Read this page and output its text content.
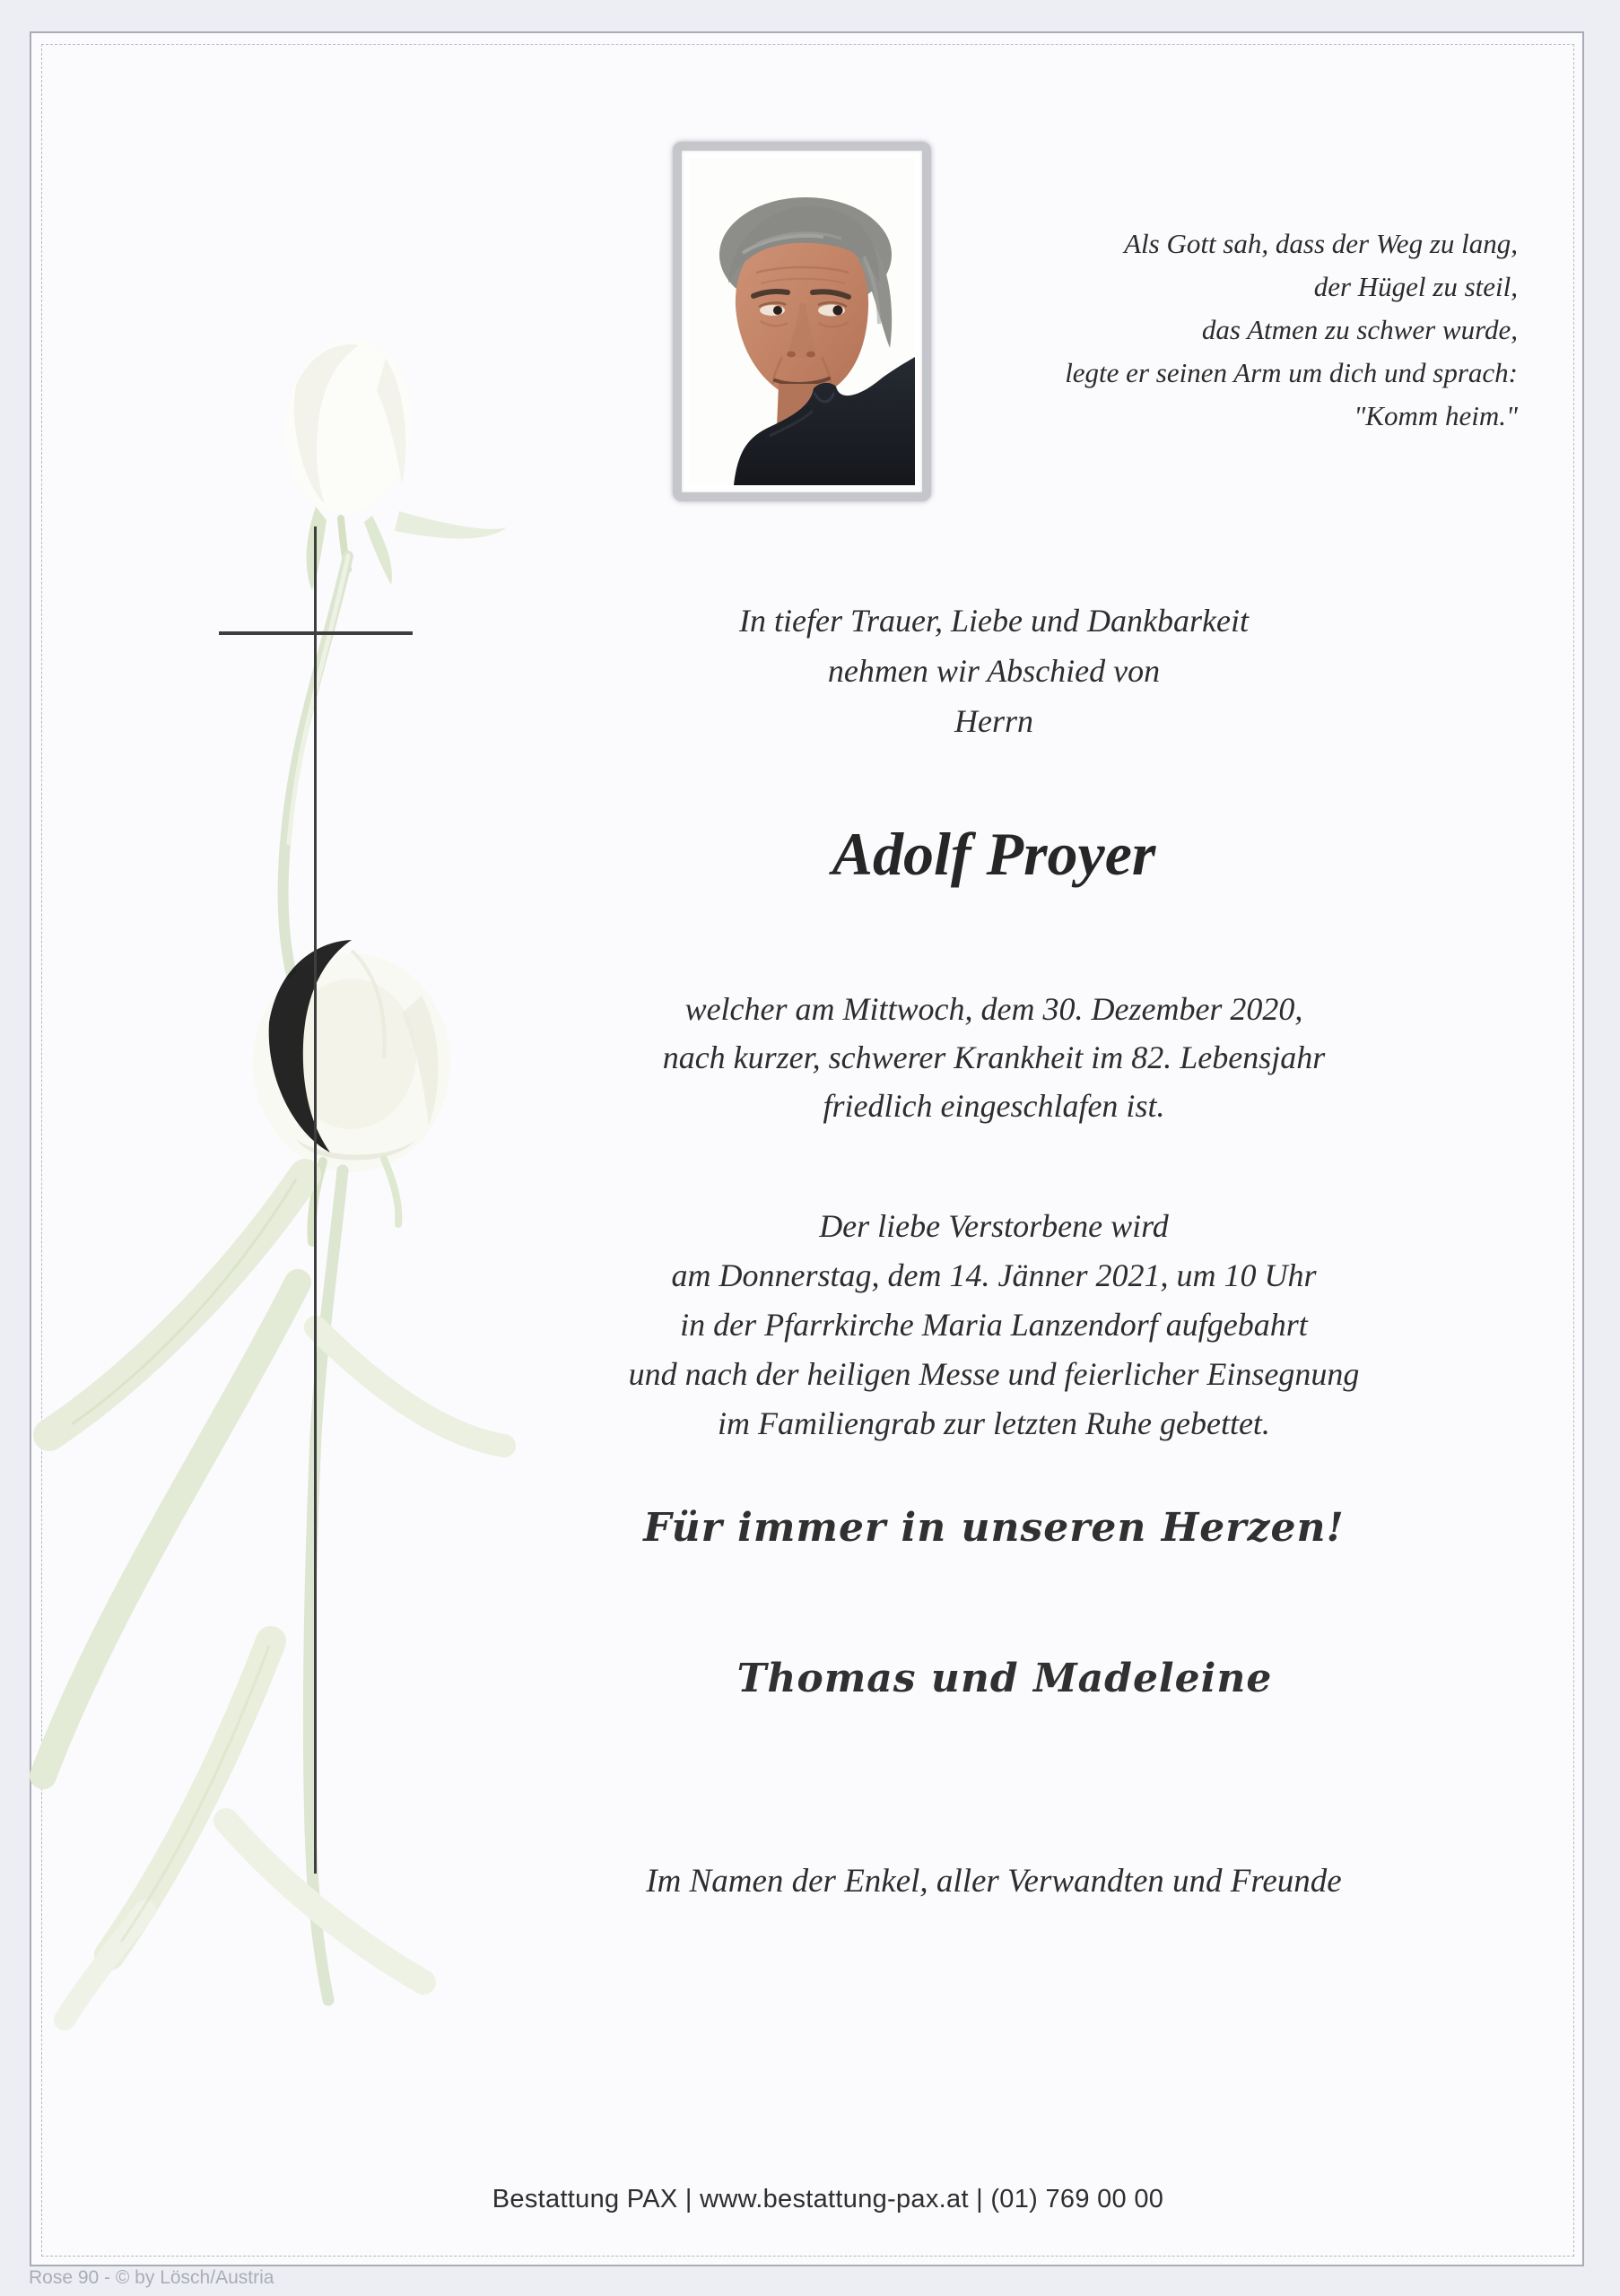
Als Gott sah, dass der Weg zu lang,
der Hügel zu steil,
das Atmen zu schwer wurde,
legte er seinen Arm um dich und sprach:
"Komm heim."
In tiefer Trauer, Liebe und Dankbarkeit
nehmen wir Abschied von
Herrn
Adolf Proyer
welcher am Mittwoch, dem 30. Dezember 2020,
nach kurzer, schwerer Krankheit im 82. Lebensjahr
friedlich eingeschlafen ist.
Der liebe Verstorbene wird
am Donnerstag, dem 14. Jänner 2021, um 10 Uhr
in der Pfarrkirche Maria Lanzendorf aufgebahrt
und nach der heiligen Messe und feierlicher Einsegnung
im Familiengrab zur letzten Ruhe gebettet.
Für immer in unseren Herzen!
Thomas und Madeleine
Im Namen der Enkel, aller Verwandten und Freunde
Bestattung PAX | www.bestattung-pax.at | (01) 769 00 00
Rose 90 - © by Lösch/Austria
